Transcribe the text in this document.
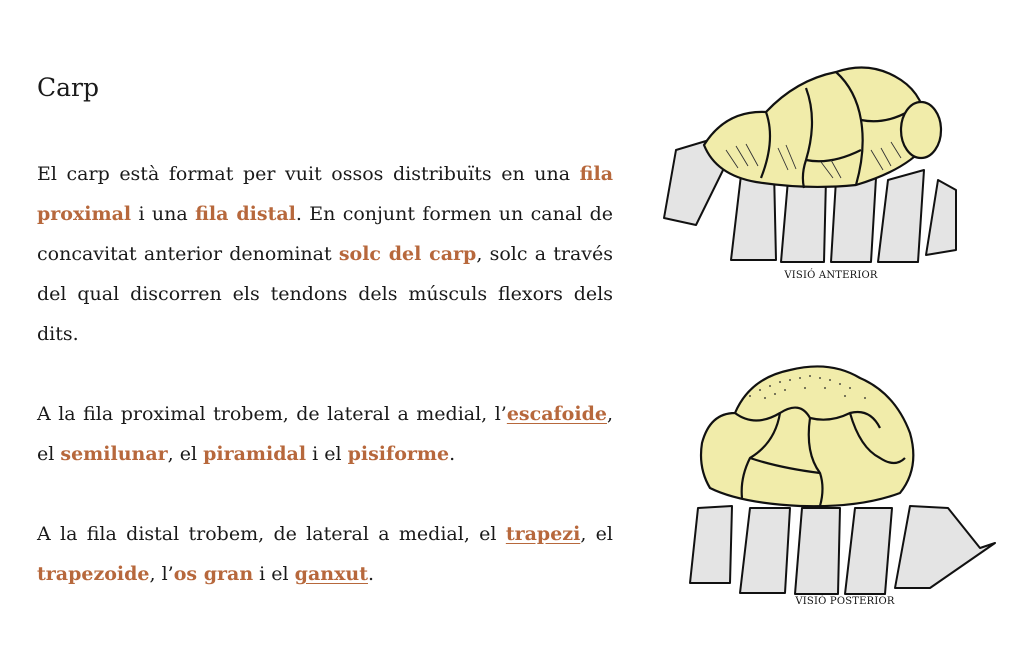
Carp

El carp està format per vuit ossos distribuïts en una fila proximal i una fila distal. En conjunt formen un canal de concavitat anterior denominat solc del carp, solc a través del qual discorren els tendons dels músculs flexors dels dits.

A la fila proximal trobem, de lateral a medial, l’escafoide, el semilunar, el piramidal i el pisiforme.

A la fila distal trobem, de lateral a medial, el trapezi, el trapezoide, l’os gran i el ganxut.

VISIÓ ANTERIOR
VISIÓ POSTERIOR
